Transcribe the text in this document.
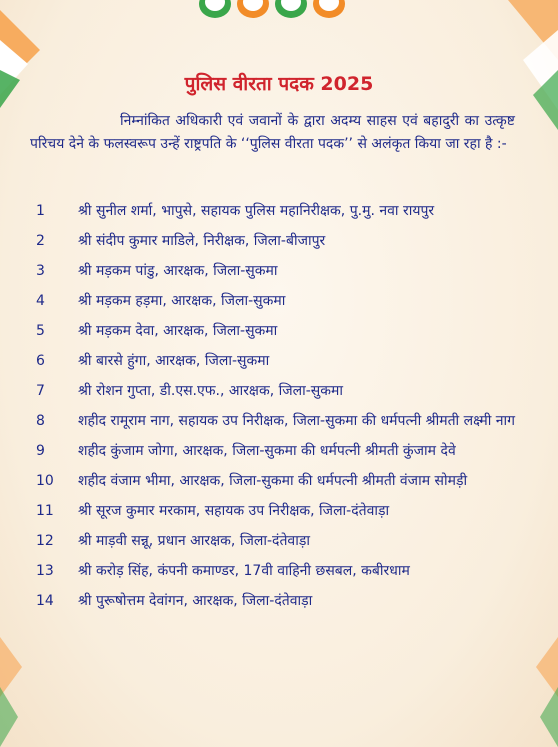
पुलिस वीरता पदक 2025
निम्नांकित अधिकारी एवं जवानों के द्वारा अदम्य साहस एवं बहादुरी का उत्कृष्ट परिचय देने के फलस्वरूप उन्हें राष्ट्रपति के ‘‘पुलिस वीरता पदक’’ से अलंकृत किया जा रहा है :-
1	श्री सुनील शर्मा, भापुसे, सहायक पुलिस महानिरीक्षक, पु.मु. नवा रायपुर
2	श्री संदीप कुमार माडिले, निरीक्षक, जिला-बीजापुर
3	श्री मड़कम पांडु, आरक्षक, जिला-सुकमा
4	श्री मड़कम हड़मा, आरक्षक, जिला-सुकमा
5	श्री मड़कम देवा, आरक्षक, जिला-सुकमा
6	श्री बारसे हुंगा, आरक्षक, जिला-सुकमा
7	श्री रोशन गुप्ता, डी.एस.एफ., आरक्षक, जिला-सुकमा
8	शहीद रामूराम नाग, सहायक उप निरीक्षक, जिला-सुकमा की धर्मपत्नी श्रीमती लक्ष्मी नाग
9	शहीद कुंजाम जोगा, आरक्षक, जिला-सुकमा की धर्मपत्नी श्रीमती कुंजाम देवे
10	शहीद वंजाम भीमा, आरक्षक, जिला-सुकमा की धर्मपत्नी श्रीमती वंजाम सोमड़ी
11	श्री सूरज कुमार मरकाम, सहायक उप निरीक्षक, जिला-दंतेवाड़ा
12	श्री माड़वी सन्नू, प्रधान आरक्षक, जिला-दंतेवाड़ा
13	श्री करोड़ सिंह, कंपनी कमाण्डर, 17वी वाहिनी छसबल, कबीरधाम
14	श्री पुरूषोत्तम देवांगन, आरक्षक, जिला-दंतेवाड़ा
